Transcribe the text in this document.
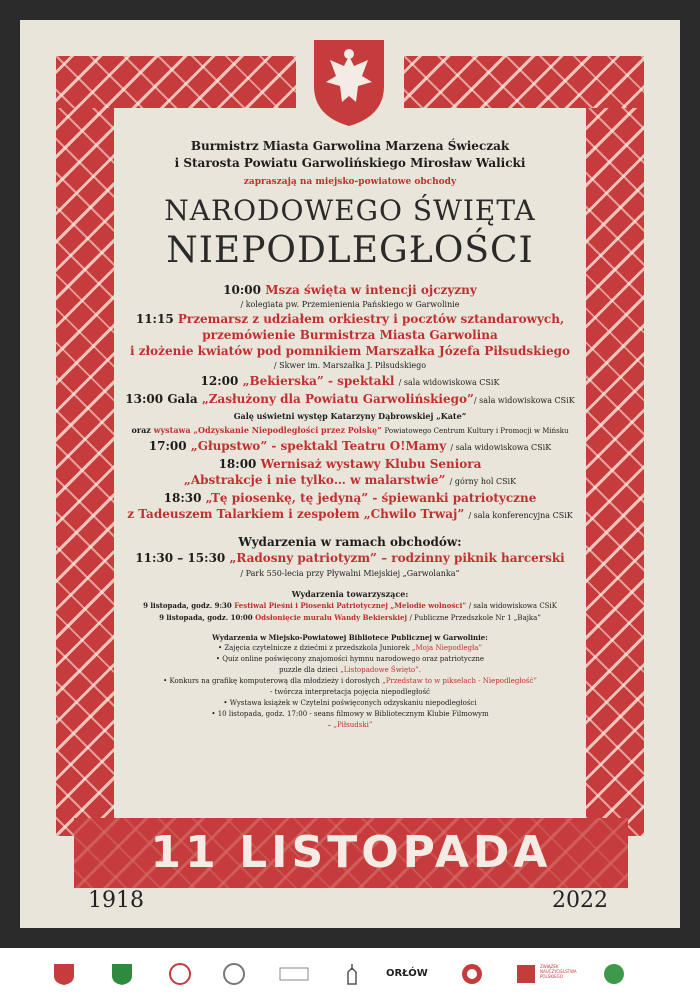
Burmistrz Miasta Garwolina Marzena Świeczak
i Starosta Powiatu Garwolińskiego Mirosław Walicki
zapraszają na miejsko-powiatowe obchody
NARODOWEGO ŚWIĘTA
NIEPODLEGŁOŚCI
10:00 Msza święta w intencji ojczyzny
/ kolegiata pw. Przemienienia Pańskiego w Garwolinie
11:15 Przemarsz z udziałem orkiestry i pocztów sztandarowych,
przemówienie Burmistrza Miasta Garwolina
i złożenie kwiatów pod pomnikiem Marszałka Józefa Piłsudskiego
/ Skwer im. Marszałka J. Piłsudskiego
12:00 „Bekierska” - spektakl / sala widowiskowa CSiK
13:00 Gala „Zasłużony dla Powiatu Garwolińskiego”/ sala widowiskowa CSiK
Galę uświetni występ Katarzyny Dąbrowskiej „Kate”
oraz wystawa „Odzyskanie Niepodległości przez Polskę” Powiatowego Centrum Kultury i Promocji w Mińsku
17:00 „Głupstwo” - spektakl Teatru O!Mamy / sala widowiskowa CSiK
18:00 Wernisaż wystawy Klubu Seniora
„Abstrakcje i nie tylko… w malarstwie” / górny hol CSiK
18:30 „Tę piosenkę, tę jedyną” - śpiewanki patriotyczne
z Tadeuszem Talarkiem i zespołem „Chwilo Trwaj” / sala konferencyjna CSiK
Wydarzenia w ramach obchodów:
11:30 – 15:30 „Radosny patriotyzm” – rodzinny piknik harcerski
/ Park 550-lecia przy Pływalni Miejskiej „Garwolanka”
Wydarzenia towarzyszące:
9 listopada, godz. 9:30 Festiwal Pieśni i Piosenki Patriotycznej „Melodie wolności” / sala widowiskowa CSiK
9 listopada, godz. 10:00 Odsłonięcie muralu Wandy Bekierskiej / Publiczne Przedszkole Nr 1 „Bajka”
Wydarzenia w Miejsko-Powiatowej Bibliotece Publicznej w Garwolinie:
• Zajęcia czytelnicze z dziećmi z przedszkola Juniorek „Moja Niepodległa”
• Quiz online poświęcony znajomości hymnu narodowego oraz patriotyczne
puzzle dla dzieci „Listopadowe Święto”.
• Konkurs na grafikę komputerową dla młodzieży i dorosłych „Przedstaw to w pikselach - Niepodległość”
- twórcza interpretacja pojęcia niepodległość
• Wystawa książek w Czytelni poświęconych odzyskaniu niepodległości
• 10 listopada, godz. 17:00 - seans filmowy w Bibliotecznym Klubie Filmowym
– „Piłsudski”
11 LISTOPADA
1918	2022
ORŁÓW
ZWIĄZEK NAUCZYCIELSTWA POLSKIEGO
